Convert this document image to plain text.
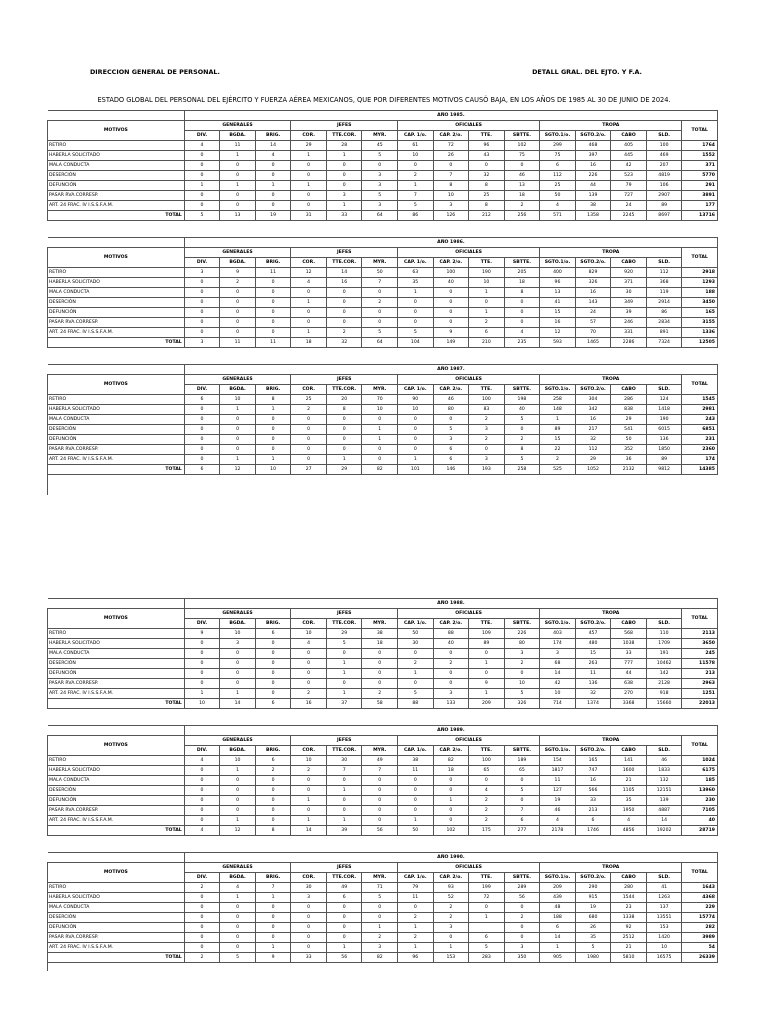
DIRECCION GENERAL DE PERSONAL.	DETALL GRAL. DEL EJTO. Y F.A.
ESTADO GLOBAL DEL PERSONAL DEL EJÉRCITO Y FUERZA AÉREA MEXICANOS, QUE POR DIFERENTES MOTIVOS CAUSÓ BAJA, EN LOS AÑOS DE 1985 AL 30 DE JUNIO DE 2024.
	AÑO 1985.														
MOTIVOS	GENERALES			JEFES			OFICIALES				TROPA				TOTAL
	DIV.	BGDA.	BRIG.	COR.	TTE.COR.	MYR.	CAP. 1/o.	CAP. 2/o.	TTE.	SBTTE.	SGTO.1/o.	SGTO.2/o.	CABO	SLD.	
RETIRO	4	11	14	29	28	45	61	72	96	102	299	468	405	100	1764
HABERLA SOLICITADO	0	1	4	1	1	5	10	26	43	75	75	397	445	469	1552
MALA CONDUCTA	0	0	0	0	0	0	0	0	0	0	6	16	42	207	371
DESERCIÓN	0	0	0	0	0	3	2	7	32	46	112	226	523	4819	5770
DEFUNCIÓN	1	1	1	1	0	3	1	8	8	13	25	44	79	106	291
PASAR RVA.CORRESP.	0	0	0	0	3	5	7	10	25	18	50	139	727	2907	3891
ART. 24 FRAC. IV I.S.S.F.A.M.	0	0	0	0	1	3	5	3	8	2	4	38	24	89	177
TOTAL	5	13	19	31	33	64	86	126	212	256	571	1358	2245	8697	13716
	AÑO 1986.														
MOTIVOS	GENERALES			JEFES			OFICIALES				TROPA				TOTAL
	DIV.	BGDA.	BRIG.	COR.	TTE.COR.	MYR.	CAP. 1/o.	CAP. 2/o.	TTE.	SBTTE.	SGTO.1/o.	SGTO.2/o.	CABO	SLD.	
RETIRO	3	9	11	12	14	50	63	100	190	205	400	829	920	112	2918
HABERLA SOLICITADO	0	2	0	4	16	7	35	40	10	18	96	326	371	368	1293
MALA CONDUCTA	0	0	0	0	0	0	1	0	1	8	13	16	30	119	188
DESERCIÓN	0	0	0	1	0	2	0	0	0	0	41	143	349	2914	3450
DEFUNCIÓN	0	0	0	0	0	0	0	0	1	0	15	24	39	86	165
PASAR RVA.CORRESP.	0	0	0	0	0	0	0	0	2	0	16	57	246	2834	3155
ART. 24 FRAC. IV I.S.S.F.A.M.	0	0	0	1	2	5	5	9	6	4	12	70	331	891	1336
TOTAL	3	11	11	18	32	64	104	149	210	235	593	1465	2286	7324	12505
	AÑO 1987.														
MOTIVOS	GENERALES			JEFES			OFICIALES				TROPA				TOTAL
	DIV.	BGDA.	BRIG.	COR.	TTE.COR.	MYR.	CAP. 1/o.	CAP. 2/o.	TTE.	SBTTE.	SGTO.1/o.	SGTO.2/o.	CABO	SLD.	
RETIRO	6	10	8	25	20	70	90	46	100	198	258	304	286	124	1545
HABERLA SOLICITADO	0	1	1	2	8	10	10	80	83	40	148	342	838	1418	2981
MALA CONDUCTA	0	0	0	0	0	0	0	0	2	5	1	16	29	190	243
DESERCIÓN	0	0	0	0	0	1	0	5	3	0	89	217	541	6015	6851
DEFUNCIÓN	0	0	0	0	0	1	0	3	2	2	15	32	50	136	231
PASAR RVA.CORRESP.	0	0	0	0	0	0	0	6	0	8	22	112	352	1850	2360
ART. 24 FRAC. IV I.S.S.F.A.M.	0	1	1	0	1	0	1	6	3	5	2	29	36	89	174
TOTAL	6	12	10	27	29	82	101	146	193	258	525	1052	2132	9812	14385
	AÑO 1988.														
MOTIVOS	GENERALES			JEFES			OFICIALES				TROPA				TOTAL
	DIV.	BGDA.	BRIG.	COR.	TTE.COR.	MYR.	CAP. 1/o.	CAP. 2/o.	TTE.	SBTTE.	SGTO.1/o.	SGTO.2/o.	CABO	SLD.	
RETIRO	9	10	6	10	29	38	50	88	109	226	403	457	568	110	2113
HABERLA SOLICITADO	0	3	0	4	5	18	30	40	89	80	174	480	1038	1709	3650
MALA CONDUCTA	0	0	0	0	0	0	0	0	0	3	3	15	33	191	245
DESERCIÓN	0	0	0	0	1	0	2	2	1	2	68	263	777	10462	11578
DEFUNCIÓN	0	0	0	0	1	0	1	0	0	0	14	11	44	142	213
PASAR RVA.CORRESP.	0	0	0	0	0	0	0	0	9	10	42	136	638	2128	2963
ART. 24 FRAC. IV I.S.S.F.A.M.	1	1	0	2	1	2	5	3	1	5	10	32	270	918	1251
TOTAL	10	14	6	16	37	58	88	133	209	326	714	1374	3368	15660	22013
	AÑO 1989.														
MOTIVOS	GENERALES			JEFES			OFICIALES				TROPA				TOTAL
	DIV.	BGDA.	BRIG.	COR.	TTE.COR.	MYR.	CAP. 1/o.	CAP. 2/o.	TTE.	SBTTE.	SGTO.1/o.	SGTO.2/o.	CABO	SLD.	
RETIRO	4	10	6	10	30	49	38	82	100	189	154	165	141	46	1024
HABERLA SOLICITADO	0	1	2	2	7	7	11	18	65	65	1817	747	1600	1833	6175
MALA CONDUCTA	0	0	0	0	0	0	0	0	0	0	11	16	21	132	185
DESERCIÓN	0	0	0	0	1	0	0	0	4	5	127	566	1105	12151	13960
DEFUNCIÓN	0	0	0	1	0	0	0	1	2	0	19	33	35	139	230
PASAR RVA.CORRESP.	0	0	0	0	0	0	0	0	2	7	46	213	1950	4887	7105
ART. 24 FRAC. IV I.S.S.F.A.M.	0	1	0	1	1	0	1	0	2	6	4	6	4	14	40
TOTAL	4	12	8	14	39	56	50	102	175	277	2178	1746	4856	19202	28719
	AÑO 1990.														
MOTIVOS	GENERALES			JEFES			OFICIALES				TROPA				TOTAL
	DIV.	BGDA.	BRIG.	COR.	TTE.COR.	MYR.	CAP. 1/o.	CAP. 2/o.	TTE.	SBTTE.	SGTO.1/o.	SGTO.2/o.	CABO	SLD.	
RETIRO	2	4	7	30	49	71	79	93	199	289	209	290	280	41	1643
HABERLA SOLICITADO	0	1	1	3	6	5	11	52	72	56	439	915	1544	1263	4368
MALA CONDUCTA	0	0	0	0	0	0	0	2	0	0	48	19	23	137	229
DESERCIÓN	0	0	0	0	0	0	2	2	1	2	188	680	1338	13551	15774
DEFUNCIÓN	0	0	0	0	0	1	1	3		0	6	26	92	153	282
PASAR RVA.CORRESP.	0	0	0	0	0	2	2	0	6	0	14	35	2512	1420	3989
ART. 24 FRAC. IV I.S.S.F.A.M.	0	0	1	0	1	3	1	1	5	3	1	5	21	10	54
TOTAL	2	5	9	33	56	82	96	153	283	350	905	1980	5810	16575	26339
